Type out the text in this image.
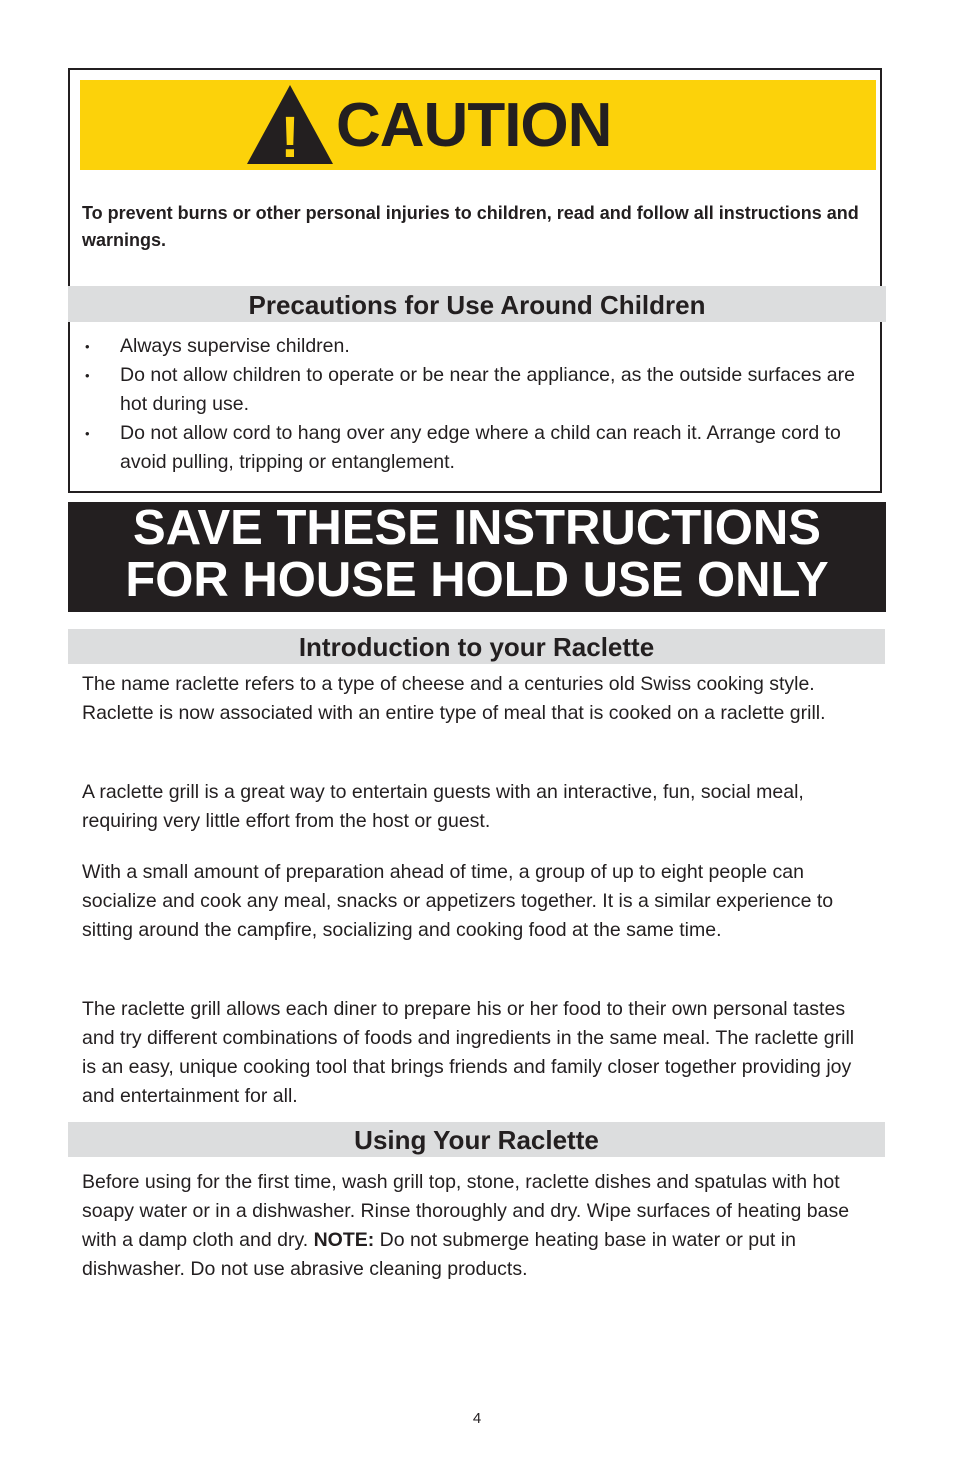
! CAUTION
To prevent burns or other personal injuries to children, read and follow all instructions and warnings.
Precautions for Use Around Children
• Always supervise children.
• Do not allow children to operate or be near the appliance, as the outside surfaces are hot during use.
• Do not allow cord to hang over any edge where a child can reach it. Arrange cord to avoid pulling, tripping or entanglement.
SAVE THESE INSTRUCTIONS
FOR HOUSE HOLD USE ONLY
Introduction to your Raclette

The name raclette refers to a type of cheese and a centuries old Swiss cooking style. Raclette is now associated with an entire type of meal that is cooked on a raclette grill.

A raclette grill is a great way to entertain guests with an interactive, fun, social meal, requiring very little effort from the host or guest.

With a small amount of preparation ahead of time, a group of up to eight people can socialize and cook any meal, snacks or appetizers together. It is a similar experience to sitting around the campfire, socializing and cooking food at the same time.

The raclette grill allows each diner to prepare his or her food to their own personal tastes and try different combinations of foods and ingredients in the same meal. The raclette grill is an easy, unique cooking tool that brings friends and family closer together providing joy and entertainment for all.

Using Your Raclette

Before using for the first time, wash grill top, stone, raclette dishes and spatulas with hot soapy water or in a dishwasher. Rinse thoroughly and dry. Wipe surfaces of heating base with a damp cloth and dry. NOTE: Do not submerge heating base in water or put in dishwasher. Do not use abrasive cleaning products.

4
